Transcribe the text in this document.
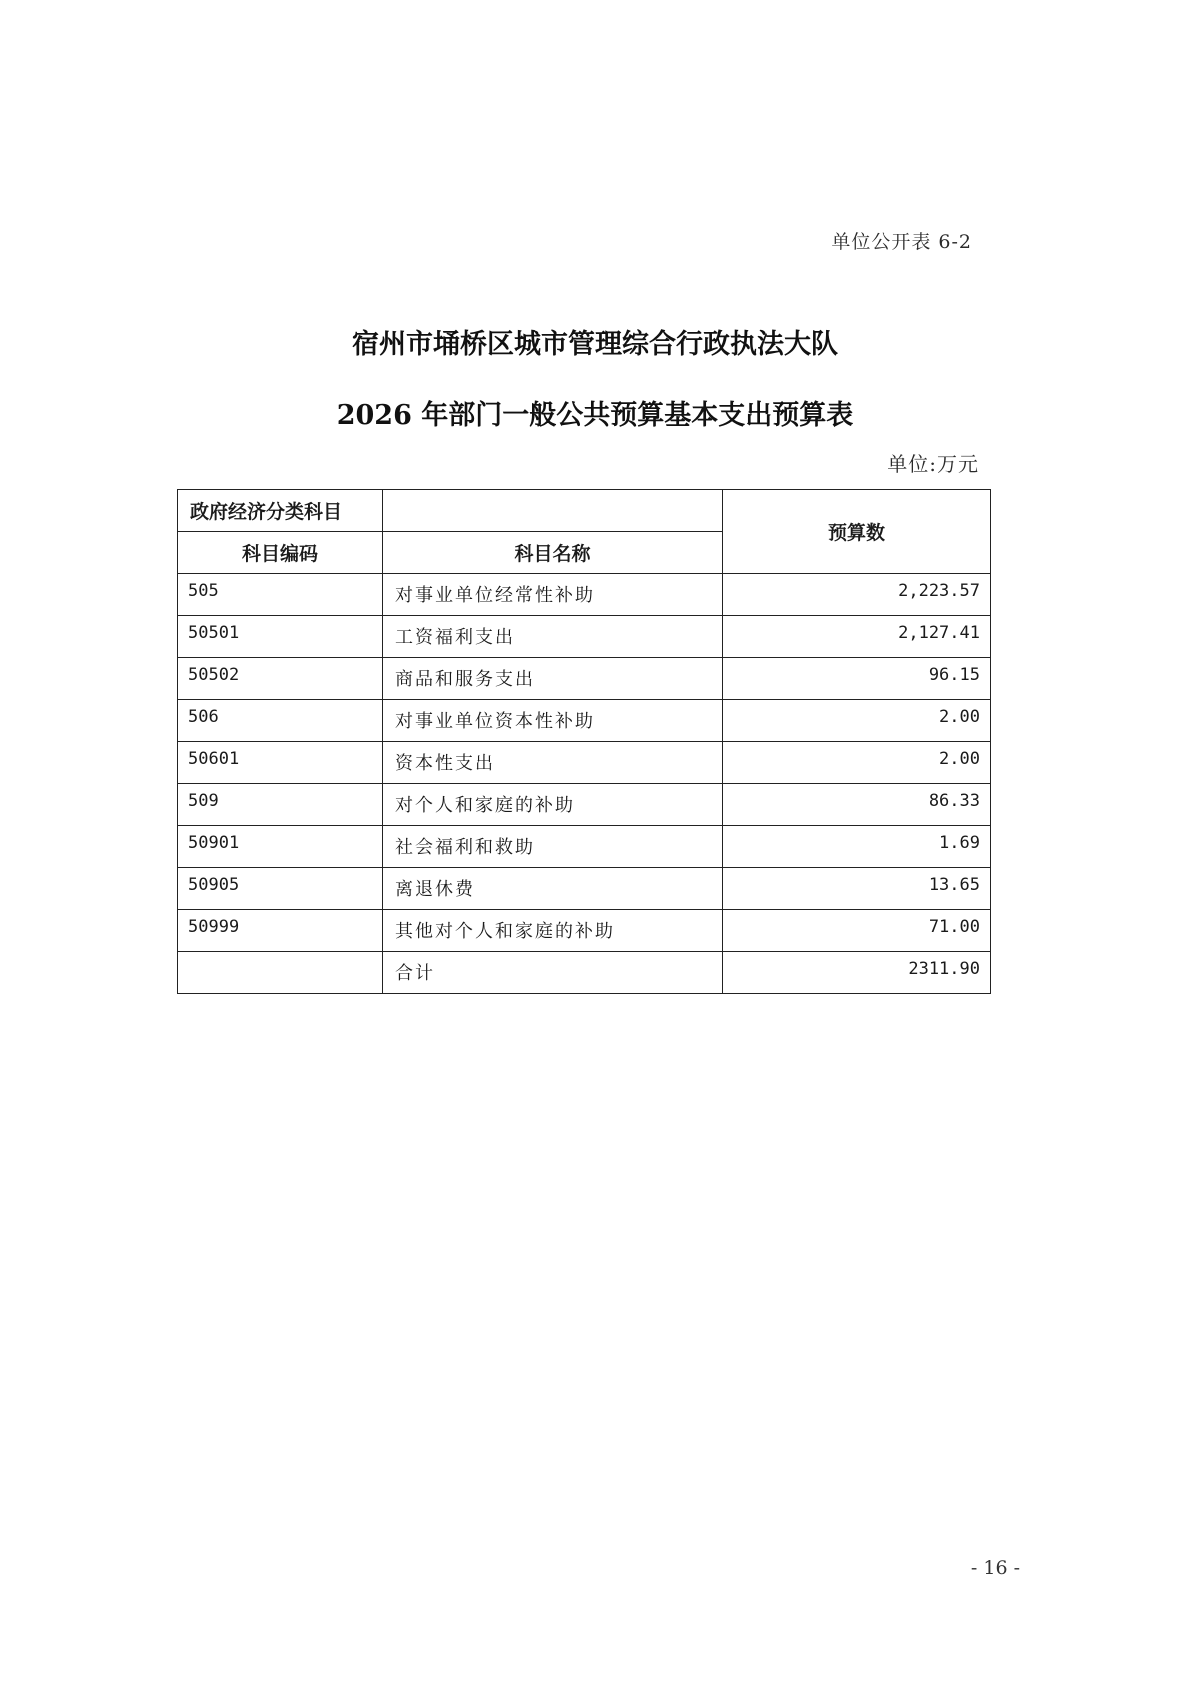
单位公开表 6-2
宿州市埇桥区城市管理综合行政执法大队
2026 年部门一般公共预算基本支出预算表
单位:万元
政府经济分类科目		预算数
科目编码	科目名称	
505	对事业单位经常性补助	2,223.57
50501	工资福利支出	2,127.41
50502	商品和服务支出	96.15
506	对事业单位资本性补助	2.00
50601	资本性支出	2.00
509	对个人和家庭的补助	86.33
50901	社会福利和救助	1.69
50905	离退休费	13.65
50999	其他对个人和家庭的补助	71.00
	合计	2311.90
- 16 -
